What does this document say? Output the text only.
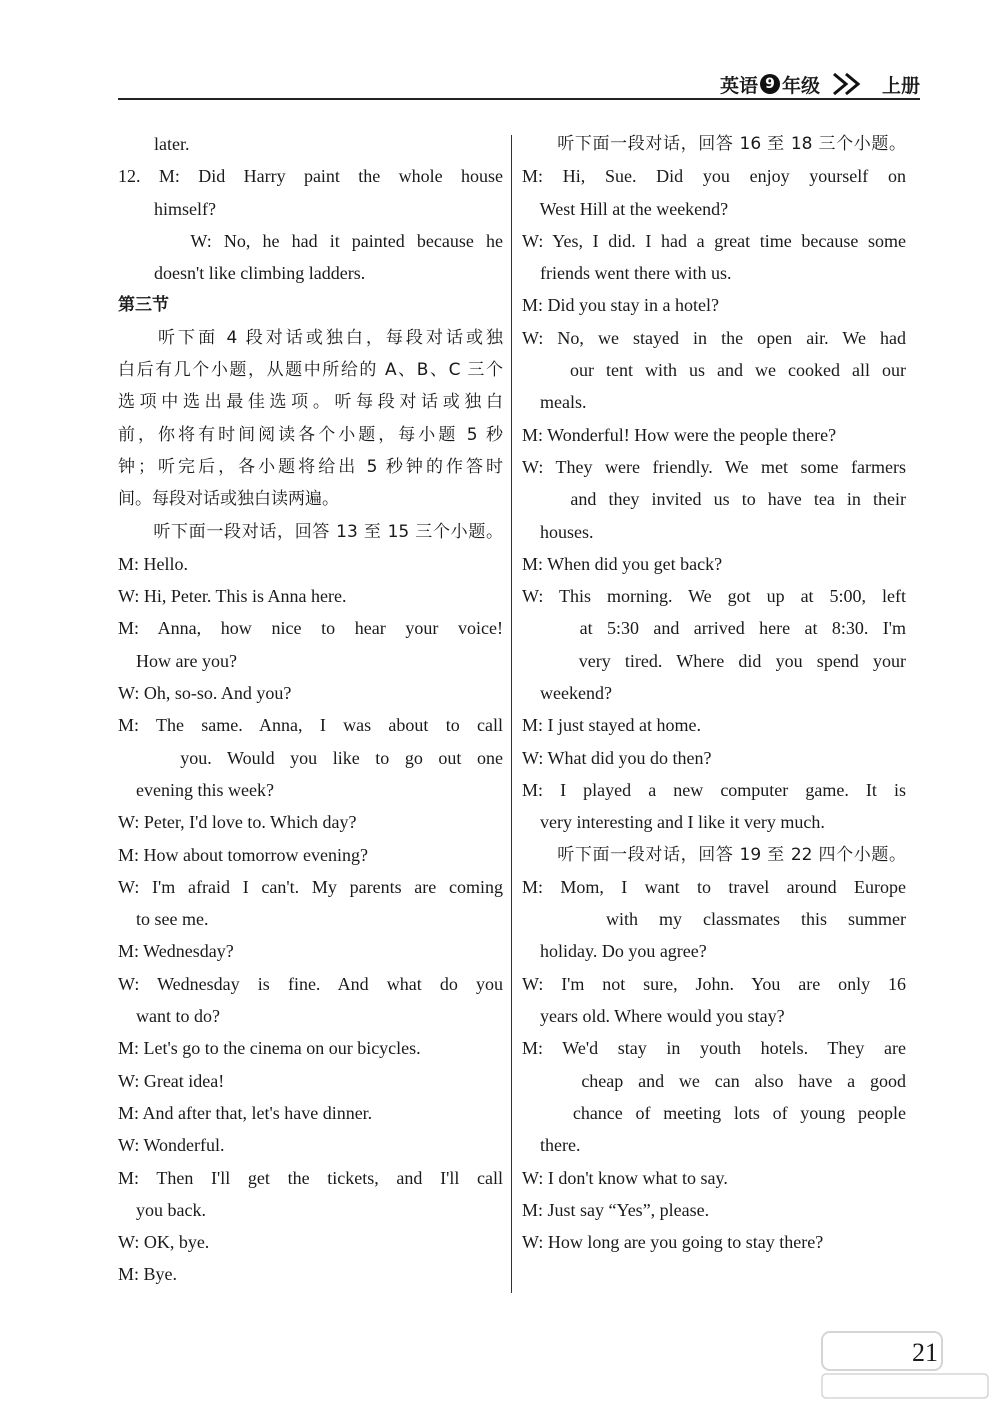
英语 9 年级	上册
later.
12. M: Did Harry paint the whole house
himself?
W: No, he had it painted because he
doesn't like climbing ladders.
第三节
　　听下面 4 段对话或独白，每段对话或独
白后有几个小题，从题中所给的 A、B、C 三个
选项中选出最佳选项。听每段对话或独白
前，你将有时间阅读各个小题，每小题 5 秒
钟；听完后，各小题将给出 5 秒钟的作答时
间。每段对话或独白读两遍。
　　听下面一段对话，回答 13 至 15 三个小题。
M: Hello.
W: Hi, Peter. This is Anna here.
M: Anna, how nice to hear your voice!
How are you?
W: Oh, so-so. And you?
M: The same. Anna, I was about to call
you. Would you like to go out one
evening this week?
W: Peter, I'd love to. Which day?
M: How about tomorrow evening?
W: I'm afraid I can't. My parents are coming
to see me.
M: Wednesday?
W: Wednesday is fine. And what do you
want to do?
M: Let's go to the cinema on our bicycles.
W: Great idea!
M: And after that, let's have dinner.
W: Wonderful.
M: Then I'll get the tickets, and I'll call
you back.
W: OK, bye.
M: Bye.
　　听下面一段对话，回答 16 至 18 三个小题。
M: Hi, Sue. Did you enjoy yourself on
West Hill at the weekend?
W: Yes, I did. I had a great time because some
friends went there with us.
M: Did you stay in a hotel?
W: No, we stayed in the open air. We had
our tent with us and we cooked all our
meals.
M: Wonderful! How were the people there?
W: They were friendly. We met some farmers
and they invited us to have tea in their
houses.
M: When did you get back?
W: This morning. We got up at 5:00, left
at 5:30 and arrived here at 8:30. I'm
very tired. Where did you spend your
weekend?
M: I just stayed at home.
W: What did you do then?
M: I played a new computer game. It is
very interesting and I like it very much.
　　听下面一段对话，回答 19 至 22 四个小题。
M: Mom, I want to travel around Europe
with my classmates this summer
holiday. Do you agree?
W: I'm not sure, John. You are only 16
years old. Where would you stay?
M: We'd stay in youth hotels. They are
cheap and we can also have a good
chance of meeting lots of young people
there.
W: I don't know what to say.
M: Just say “Yes”, please.
W: How long are you going to stay there?
21
